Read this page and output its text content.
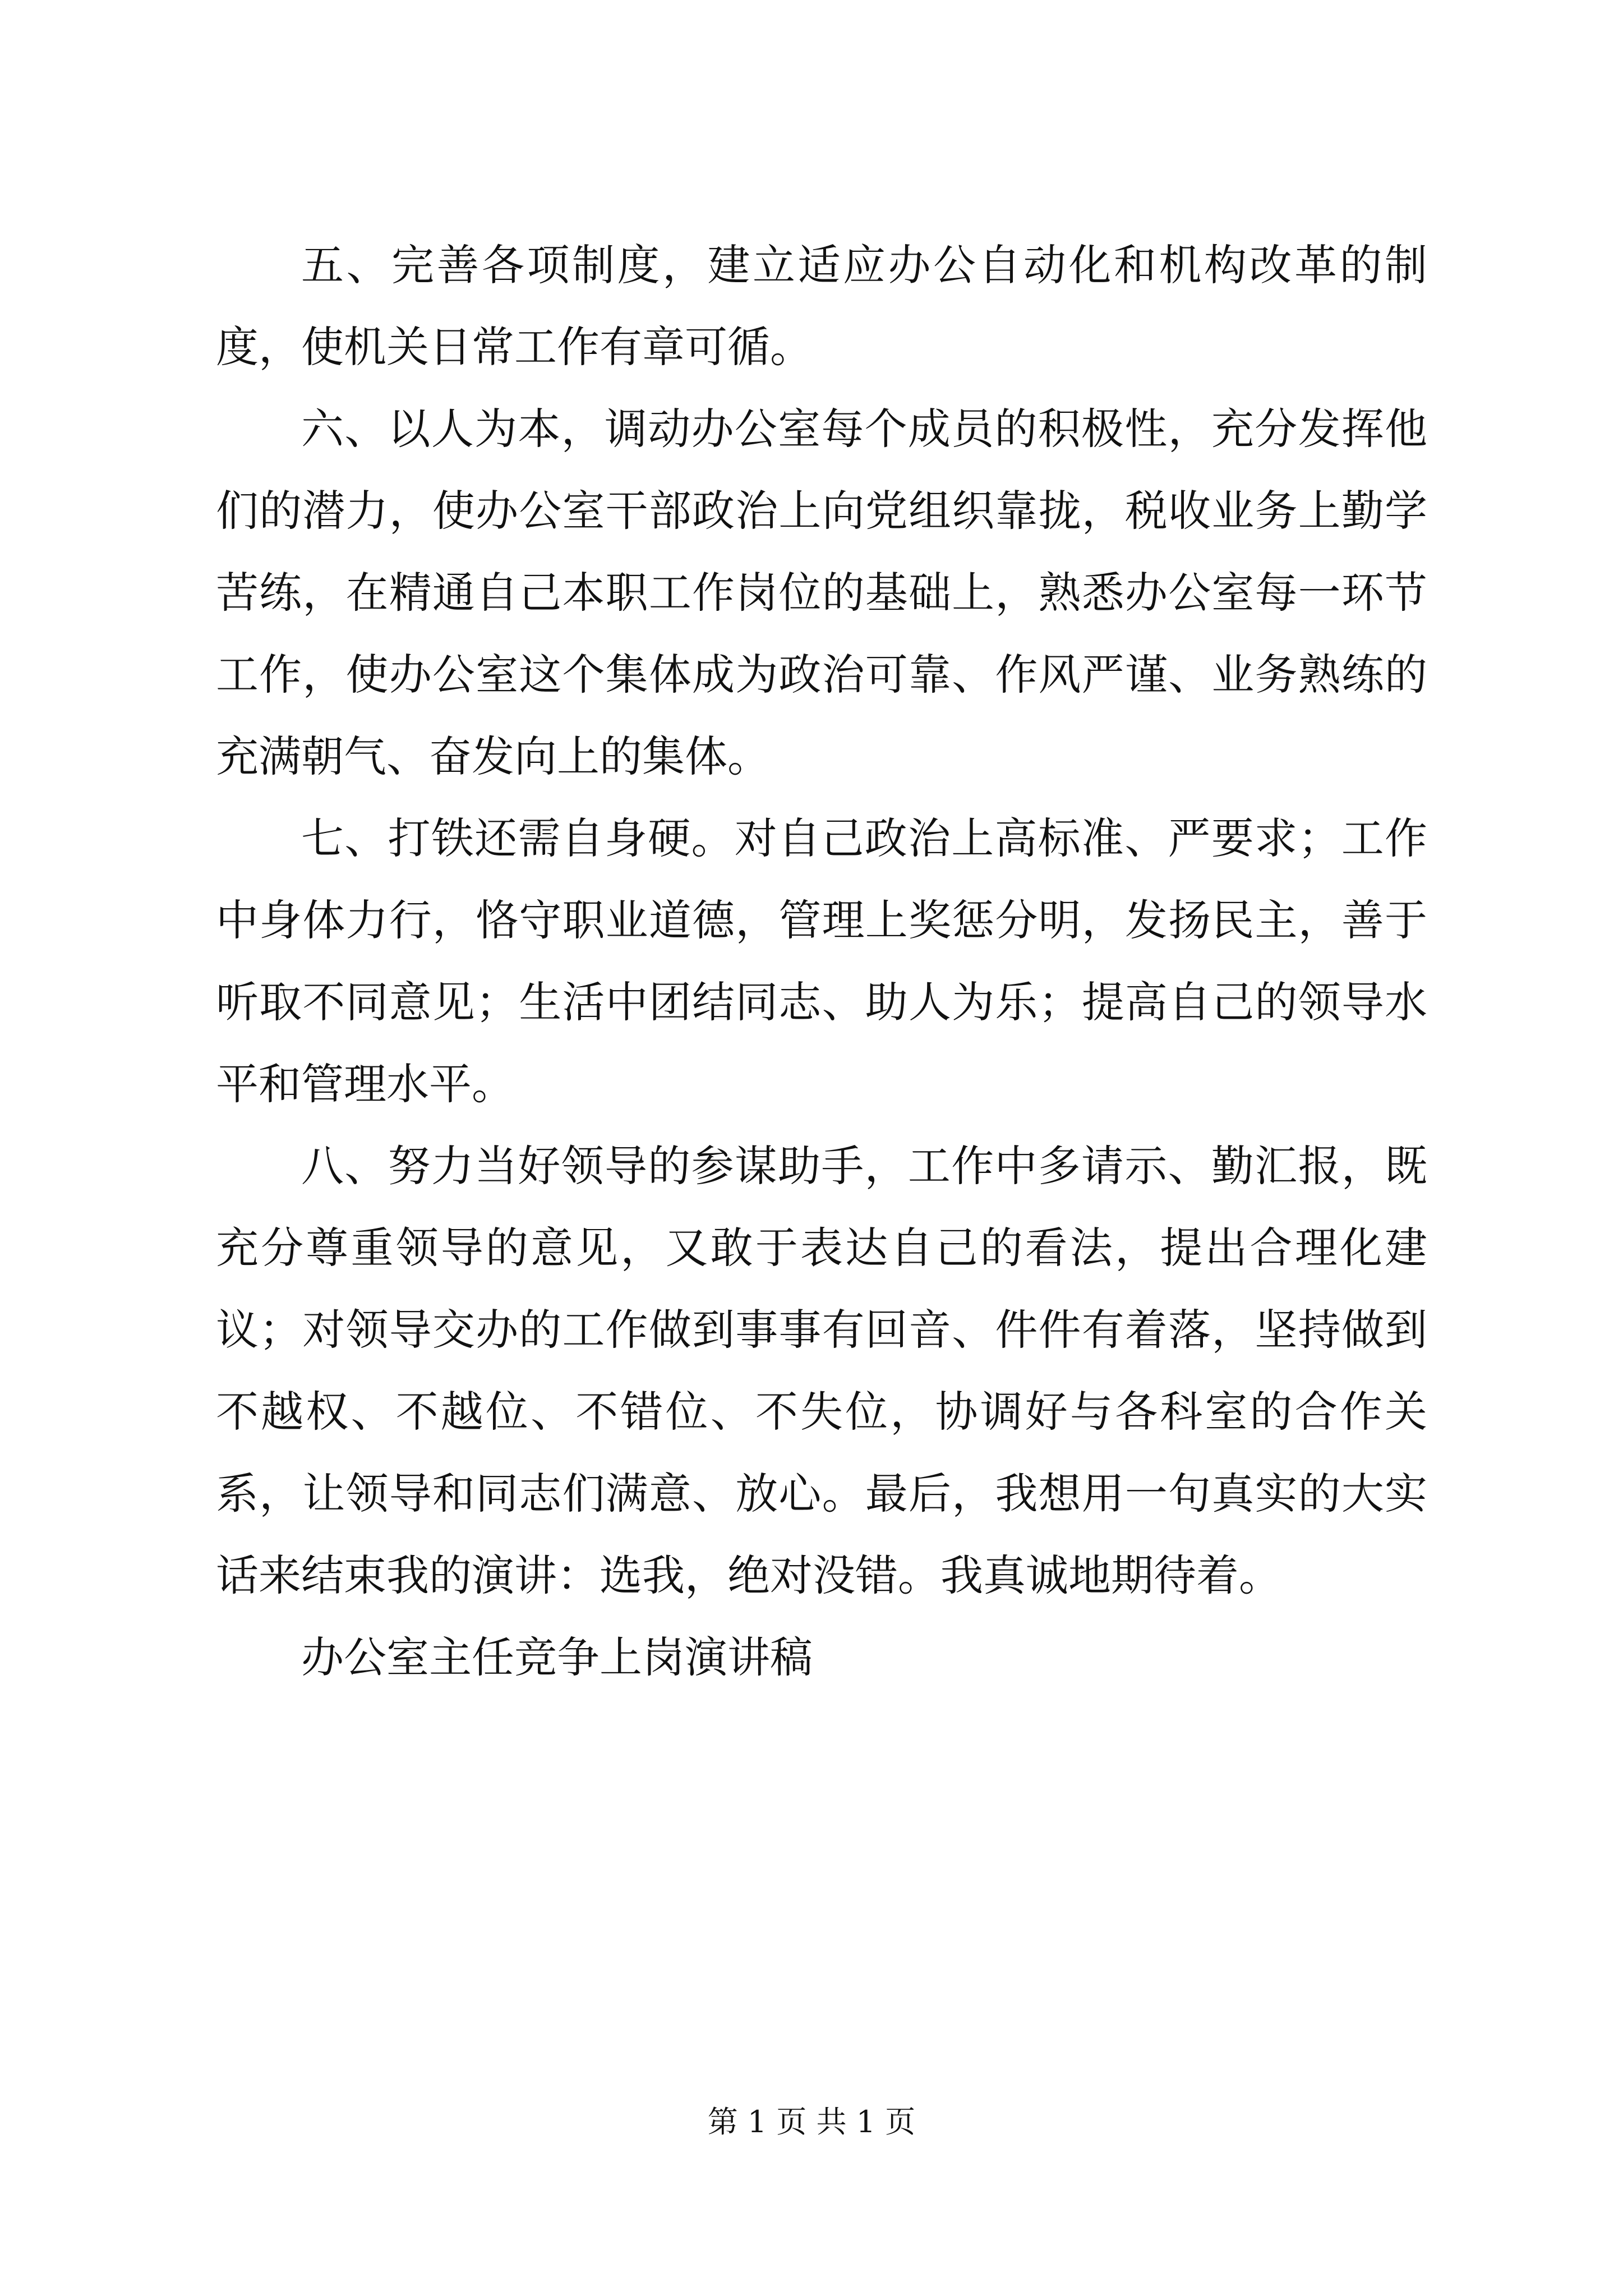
五、完善各项制度，建立适应办公自动化和机构改革的制度，使机关日常工作有章可循。

六、以人为本，调动办公室每个成员的积极性，充分发挥他们的潜力，使办公室干部政治上向党组织靠拢，税收业务上勤学苦练，在精通自己本职工作岗位的基础上，熟悉办公室每一环节工作，使办公室这个集体成为政治可靠、作风严谨、业务熟练的充满朝气、奋发向上的集体。

七、打铁还需自身硬。对自己政治上高标准、严要求；工作中身体力行，恪守职业道德，管理上奖惩分明，发扬民主，善于听取不同意见；生活中团结同志、助人为乐；提高自己的领导水平和管理水平。

八、努力当好领导的参谋助手，工作中多请示、勤汇报，既充分尊重领导的意见，又敢于表达自己的看法，提出合理化建议；对领导交办的工作做到事事有回音、件件有着落，坚持做到不越权、不越位、不错位、不失位，协调好与各科室的合作关系，让领导和同志们满意、放心。最后，我想用一句真实的大实话来结束我的演讲：选我，绝对没错。我真诚地期待着。

办公室主任竞争上岗演讲稿

第 1 页 共 1 页
